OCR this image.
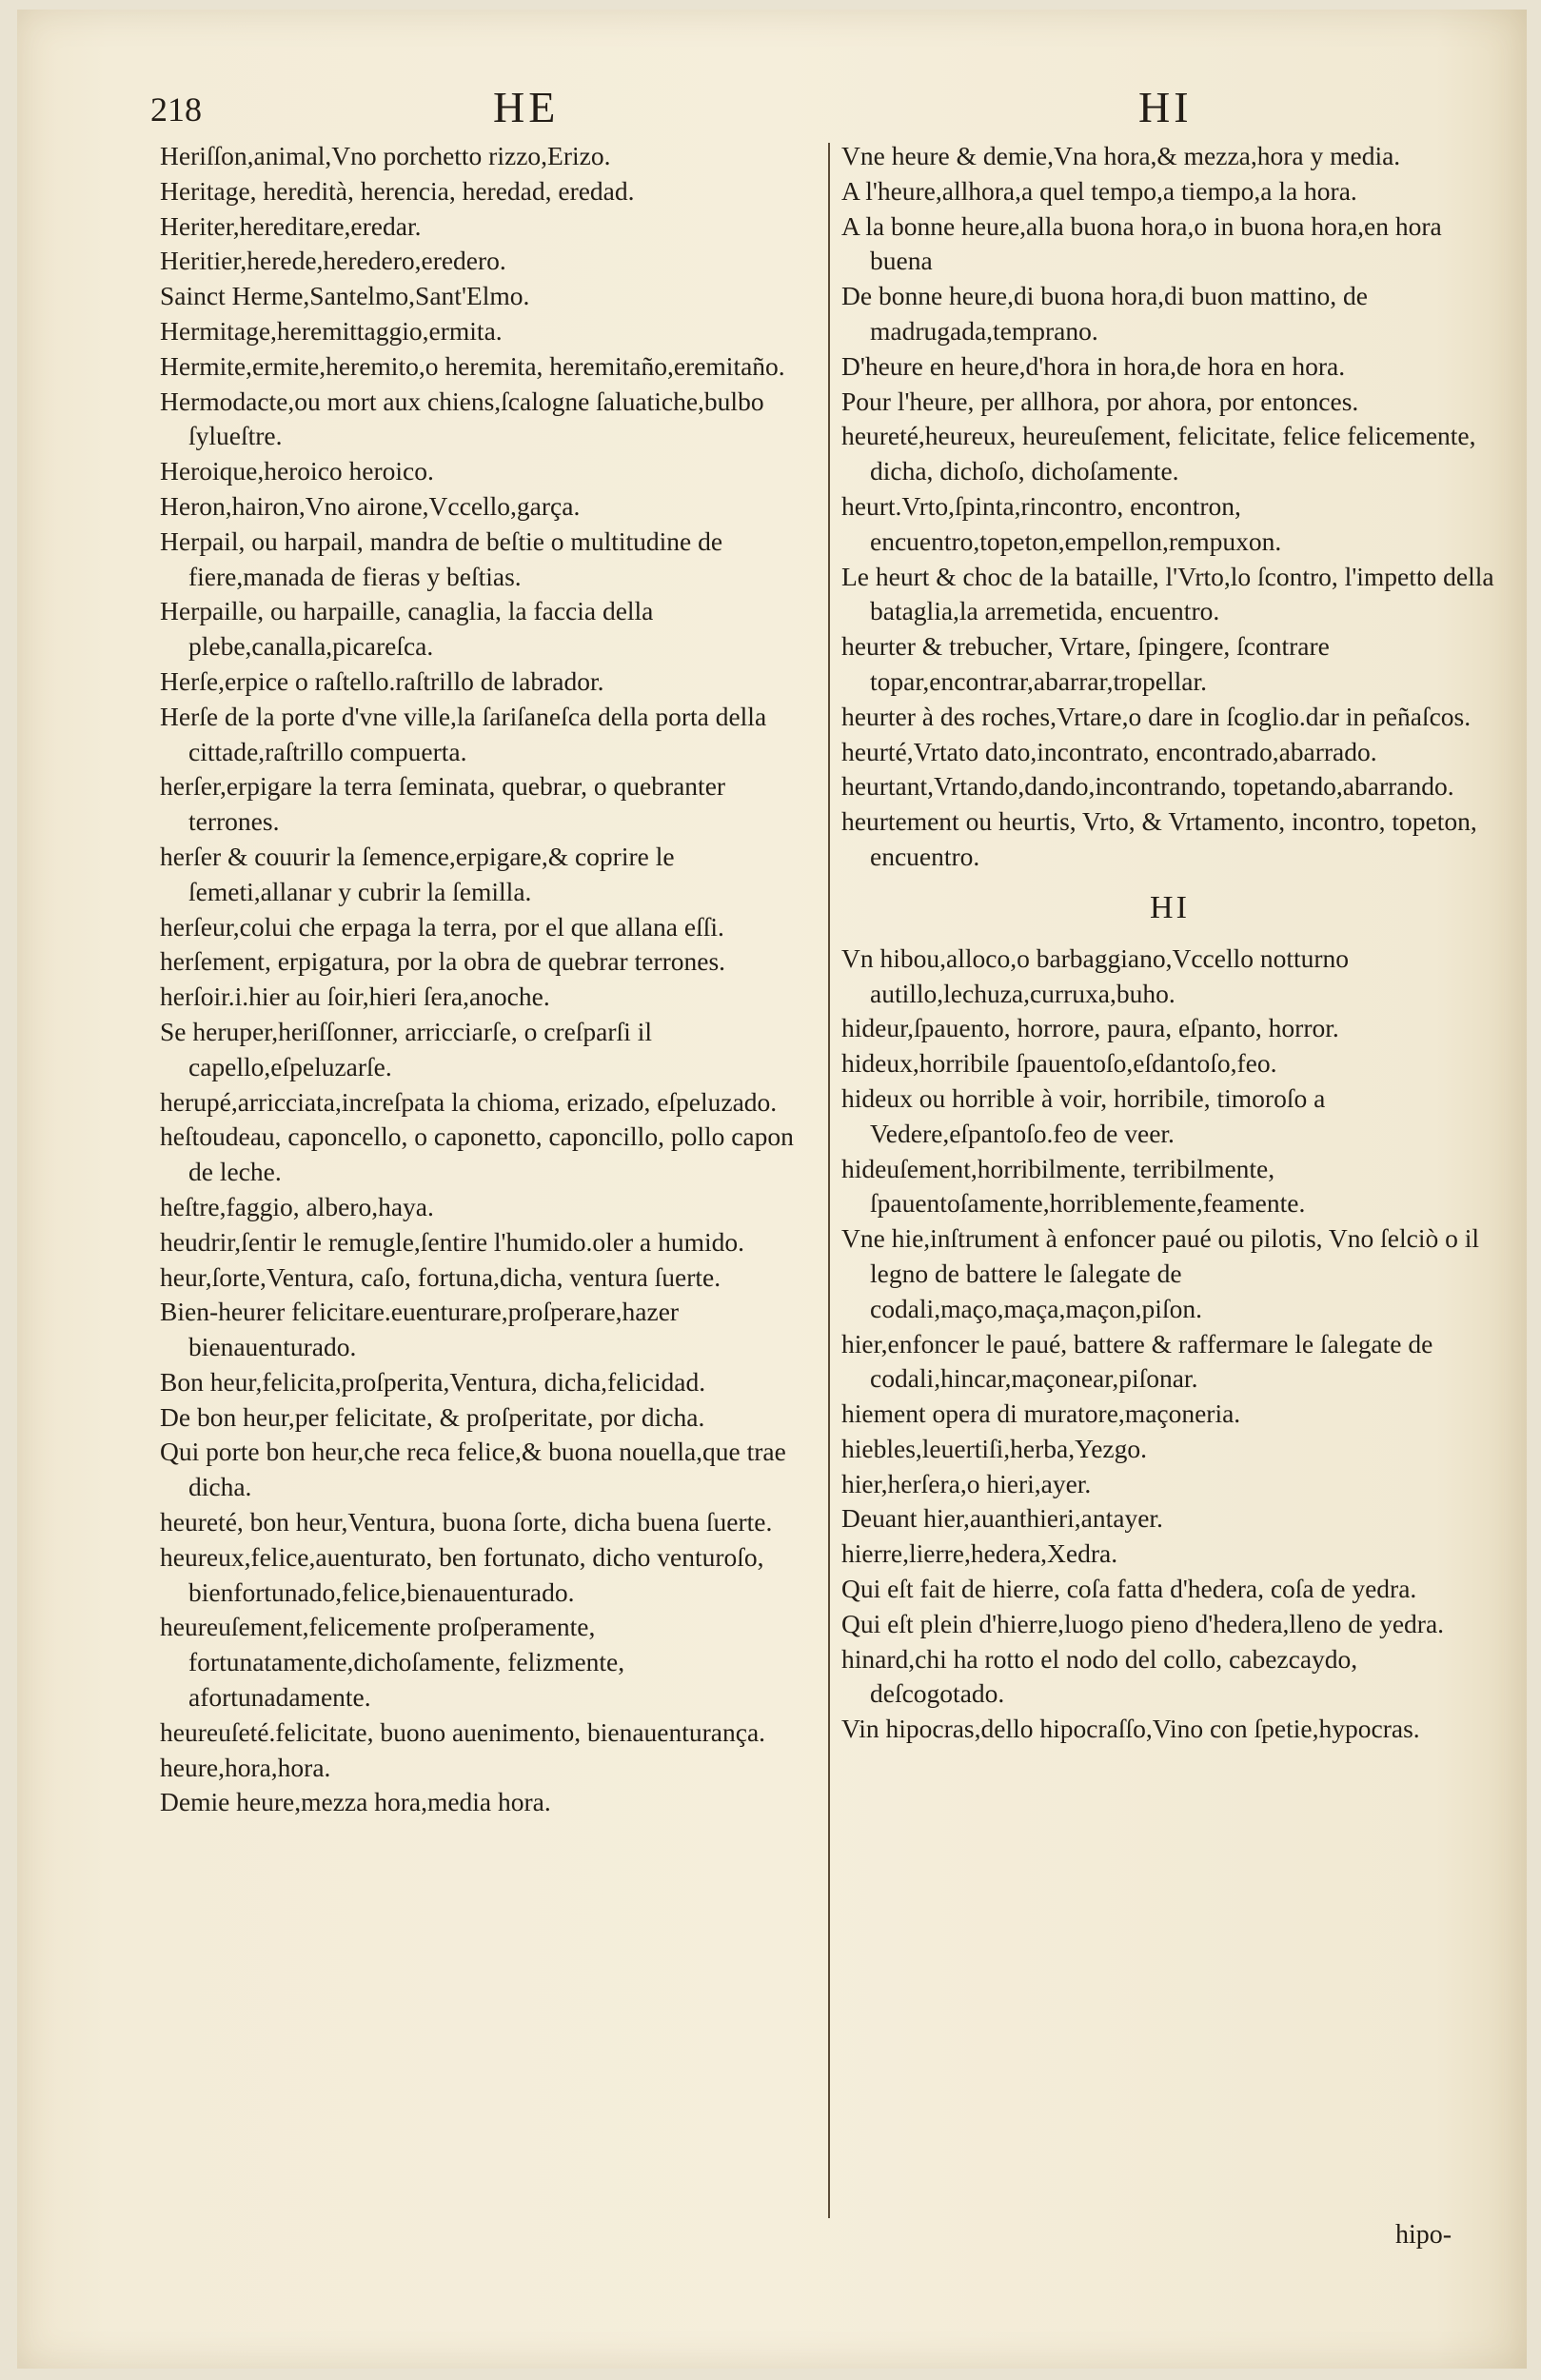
218	HE	HI
Heriſſon,animal,Vno porchetto rizzo,Erizo.
Heritage, heredità, herencia, heredad, eredad.
Heriter,hereditare,eredar.
Heritier,herede,heredero,eredero.
Sainct Herme,Santelmo,Sant'Elmo.
Hermitage,heremittaggio,ermita.
Hermite,ermite,heremito,o heremita, heremitaño,eremitaño.
Hermodacte,ou mort aux chiens,ſcalogne ſaluatiche,bulbo ſylueſtre.
Heroique,heroico heroico.
Heron,hairon,Vno airone,Vccello,garça.
Herpail, ou harpail, mandra de beſtie o multitudine de fiere,manada de fieras y beſtias.
Herpaille, ou harpaille, canaglia, la faccia della plebe,canalla,picareſca.
Herſe,erpice o raſtello.raſtrillo de labrador.
Herſe de la porte d'vne ville,la ſariſaneſca della porta della cittade,raſtrillo compuerta.
herſer,erpigare la terra ſeminata, quebrar, o quebranter terrones.
herſer & couurir la ſemence,erpigare,& coprire le ſemeti,allanar y cubrir la ſemilla.
herſeur,colui che erpaga la terra, por el que allana eſſi.
herſement, erpigatura, por la obra de quebrar terrones.
herſoir.i.hier au ſoir,hieri ſera,anoche.
Se heruper,heriſſonner, arricciarſe, o creſparſi il capello,eſpeluzarſe.
herupé,arricciata,increſpata la chioma, erizado, eſpeluzado.
heſtoudeau, caponcello, o caponetto, caponcillo, pollo capon de leche.
heſtre,faggio, albero,haya.
heudrir,ſentir le remugle,ſentire l'humido.oler a humido.
heur,ſorte,Ventura, caſo, fortuna,dicha, ventura ſuerte.
Bien-heurer felicitare.euenturare,proſperare,hazer bienauenturado.
Bon heur,felicita,proſperita,Ventura, dicha,felicidad.
De bon heur,per felicitate, & proſperitate, por dicha.
Qui porte bon heur,che reca felice,& buona nouella,que trae dicha.
heureté, bon heur,Ventura, buona ſorte, dicha buena ſuerte.
heureux,felice,auenturato, ben fortunato, dicho venturoſo, bienfortunado,felice,bienauenturado.
heureuſement,felicemente proſperamente, fortunatamente,dichoſamente, felizmente, afortunadamente.
heureuſeté.felicitate, buono auenimento, bienauenturança.
heure,hora,hora.
Demie heure,mezza hora,media hora.
Vne heure & demie,Vna hora,& mezza,hora y media.
A l'heure,allhora,a quel tempo,a tiempo,a la hora.
A la bonne heure,alla buona hora,o in buona hora,en hora buena
De bonne heure,di buona hora,di buon mattino, de madrugada,temprano.
D'heure en heure,d'hora in hora,de hora en hora.
Pour l'heure, per allhora, por ahora, por entonces.
heureté,heureux, heureuſement, felicitate, felice felicemente, dicha, dichoſo, dichoſamente.
heurt.Vrto,ſpinta,rincontro, encontron, encuentro,topeton,empellon,rempuxon.
Le heurt & choc de la bataille, l'Vrto,lo ſcontro, l'impetto della bataglia,la arremetida, encuentro.
heurter & trebucher, Vrtare, ſpingere, ſcontrare topar,encontrar,abarrar,tropellar.
heurter à des roches,Vrtare,o dare in ſcoglio.dar in peñaſcos.
heurté,Vrtato dato,incontrato, encontrado,abarrado.
heurtant,Vrtando,dando,incontrando, topetando,abarrando.
heurtement ou heurtis, Vrto, & Vrtamento, incontro, topeton, encuentro.
HI
Vn hibou,alloco,o barbaggiano,Vccello notturno autillo,lechuza,curruxa,buho.
hideur,ſpauento, horrore, paura, eſpanto, horror.
hideux,horribile ſpauentoſo,eſdantoſo,feo.
hideux ou horrible à voir, horribile, timoroſo a Vedere,eſpantoſo.feo de veer.
hideuſement,horribilmente, terribilmente, ſpauentoſamente,horriblemente,feamente.
Vne hie,inſtrument à enfoncer paué ou pilotis, Vno ſelciò o il legno de battere le ſalegate de codali,maço,maça,maçon,piſon.
hier,enfoncer le paué, battere & raffermare le ſalegate de codali,hincar,maçonear,piſonar.
hiement opera di muratore,maçoneria.
hiebles,leuertiſi,herba,Yezgo.
hier,herſera,o hieri,ayer.
Deuant hier,auanthieri,antayer.
hierre,lierre,hedera,Xedra.
Qui eſt fait de hierre, coſa fatta d'hedera, coſa de yedra.
Qui eſt plein d'hierre,luogo pieno d'hedera,lleno de yedra.
hinard,chi ha rotto el nodo del collo, cabezcaydo, deſcogotado.
Vin hipocras,dello hipocraſſo,Vino con ſpetie,hypocras.
hipo-
